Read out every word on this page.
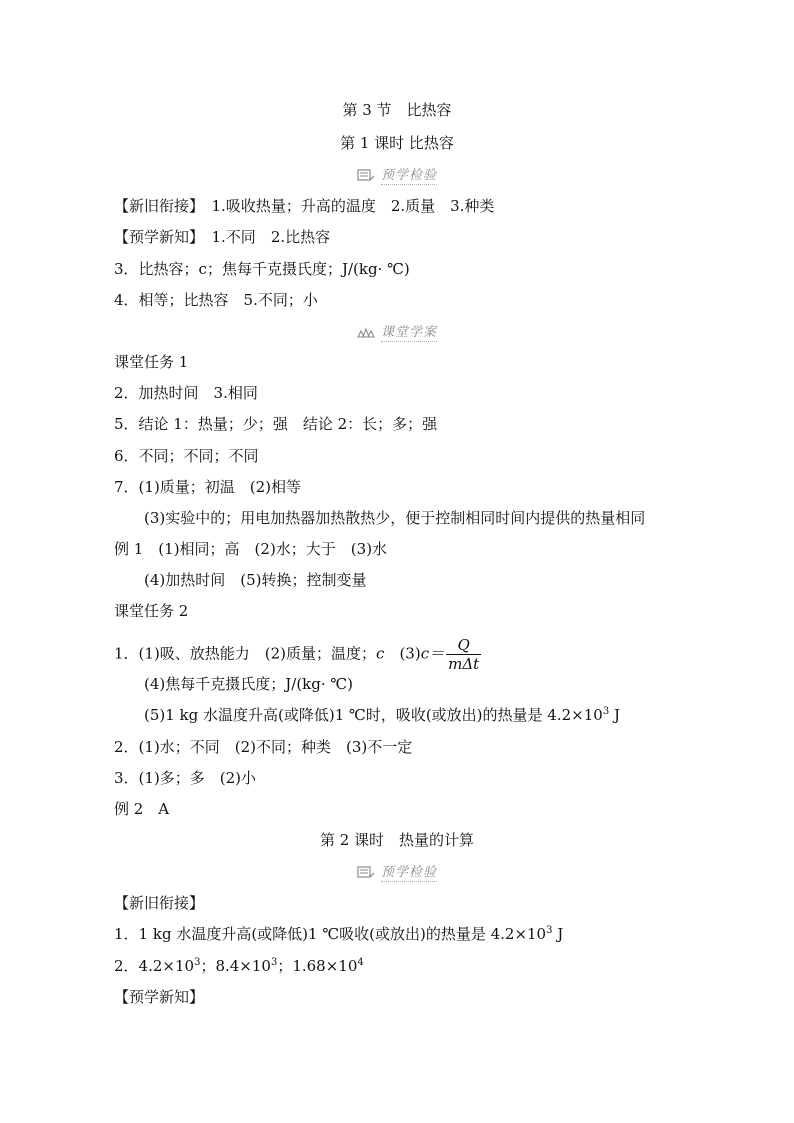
第 3 节　比热容
第 1 课时 比热容
预学检验
【新旧衔接】　1.吸收热量；升高的温度　2.质量　3.种类
【预学新知】　1.不同　2.比热容
3．比热容；c；焦每千克摄氏度；J/(kg· ℃)
4．相等；比热容　5.不同；小
课堂学案
课堂任务 1
2．加热时间　3.相同
5．结论 1：热量；少；强　结论 2：长；多；强
6．不同；不同；不同
7．(1)质量；初温　(2)相等
(3)实验中的；用电加热器加热散热少，便于控制相同时间内提供的热量相同
例 1　(1)相同；高　(2)水；大于　(3)水
(4)加热时间　(5)转换；控制变量
课堂任务 2
1．(1)吸、放热能力　(2)质量；温度；c　$(3)c= \frac{Q}{\text{mΔt}}$
(4)焦每千克摄氏度；J/(kg· ℃)
(5)1 kg 水温度升高(或降低)1 ℃时，吸收(或放出)的热量是 $4.2\times 10^3$ J
2．(1)水；不同　(2)不同；种类　(3)不一定
3．(1)多；多　(2)小
例 2　A
第 2 课时　热量的计算
预学检验
【新旧衔接】
1．1 kg 水温度升高(或降低)1 ℃吸收(或放出)的热量是 $4.2\times 10^3$ J
2．$4.2\times 10^3$；$8.4\times 10^3$；$1.68\times 10^4$
【预学新知】
